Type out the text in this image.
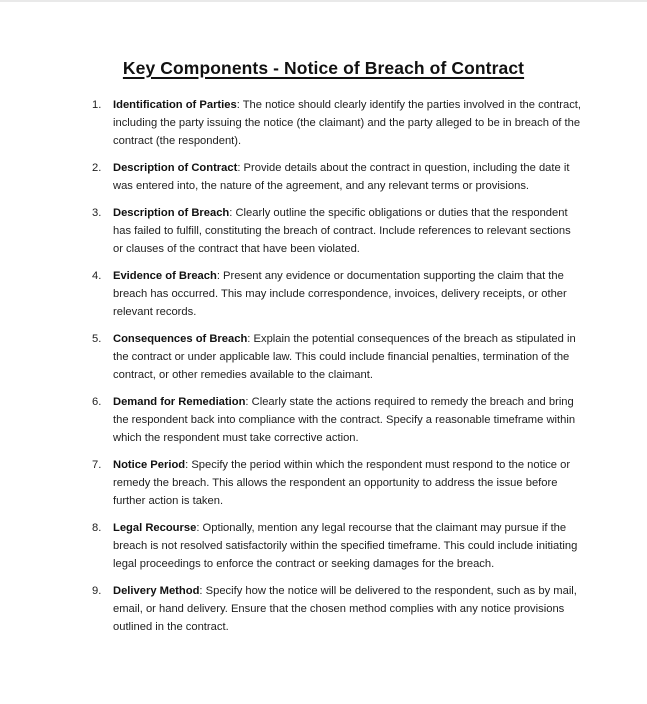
Key Components - Notice of Breach of Contract
1.	Identification of Parties: The notice should clearly identify the parties involved in the contract, including the party issuing the notice (the claimant) and the party alleged to be in breach of the contract (the respondent).
2.	Description of Contract: Provide details about the contract in question, including the date it was entered into, the nature of the agreement, and any relevant terms or provisions.
3.	Description of Breach: Clearly outline the specific obligations or duties that the respondent has failed to fulfill, constituting the breach of contract. Include references to relevant sections or clauses of the contract that have been violated.
4.	Evidence of Breach: Present any evidence or documentation supporting the claim that the breach has occurred. This may include correspondence, invoices, delivery receipts, or other relevant records.
5.	Consequences of Breach: Explain the potential consequences of the breach as stipulated in the contract or under applicable law. This could include financial penalties, termination of the contract, or other remedies available to the claimant.
6.	Demand for Remediation: Clearly state the actions required to remedy the breach and bring the respondent back into compliance with the contract. Specify a reasonable timeframe within which the respondent must take corrective action.
7.	Notice Period: Specify the period within which the respondent must respond to the notice or remedy the breach. This allows the respondent an opportunity to address the issue before further action is taken.
8.	Legal Recourse: Optionally, mention any legal recourse that the claimant may pursue if the breach is not resolved satisfactorily within the specified timeframe. This could include initiating legal proceedings to enforce the contract or seeking damages for the breach.
9.	Delivery Method: Specify how the notice will be delivered to the respondent, such as by mail, email, or hand delivery. Ensure that the chosen method complies with any notice provisions outlined in the contract.
